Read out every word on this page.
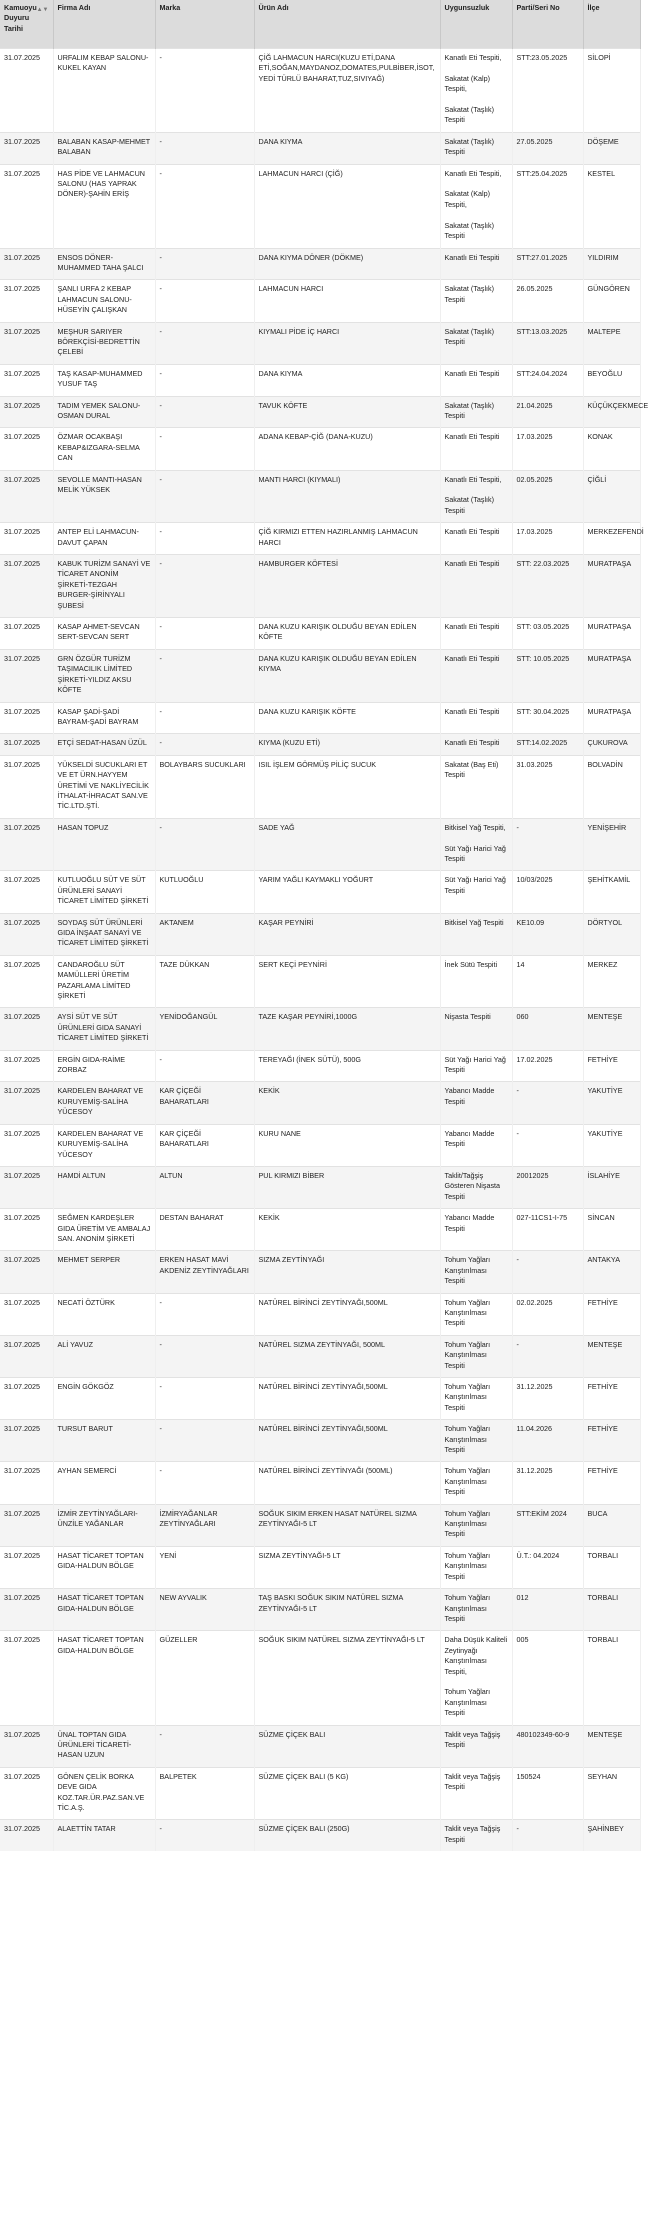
Kamuoyu Duyuru Tarihi
▲▼	Firma Adı	Marka	Ürün Adı	Uygunsuzluk	Parti/Seri No	İlçe
31.07.2025	URFALIM KEBAP SALONU-KUKEL KAYAN	-	ÇİĞ LAHMACUN HARCI(KUZU ETİ,DANA ETİ,SOĞAN,MAYDANOZ,DOMATES,PULBİBER,İSOT,YEDİ TÜRLÜ BAHARAT,TUZ,SIVIYAĞ)	Kanatlı Eti Tespiti,

Sakatat (Kalp) Tespiti,

Sakatat (Taşlık) Tespiti	STT:23.05.2025	SİLOPİ
31.07.2025	BALABAN KASAP-MEHMET BALABAN	-	DANA KIYMA	Sakatat (Taşlık) Tespiti	27.05.2025	DÖŞEME
31.07.2025	HAS PİDE VE LAHMACUN SALONU (HAS YAPRAK DÖNER)-ŞAHİN ERİŞ	-	LAHMACUN HARCI (ÇİĞ)	Kanatlı Eti Tespiti,

Sakatat (Kalp) Tespiti,

Sakatat (Taşlık) Tespiti	STT:25.04.2025	KESTEL
31.07.2025	ENSOS DÖNER-MUHAMMED TAHA ŞALCI	-	DANA KIYMA DÖNER (DÖKME)	Kanatlı Eti Tespiti	STT:27.01.2025	YILDIRIM
31.07.2025	ŞANLI URFA 2 KEBAP LAHMACUN SALONU-HÜSEYİN ÇALIŞKAN	-	LAHMACUN HARCI	Sakatat (Taşlık) Tespiti	26.05.2025	GÜNGÖREN
31.07.2025	MEŞHUR SARIYER BÖREKÇİSİ-BEDRETTİN ÇELEBİ	-	KIYMALI PİDE İÇ HARCI	Sakatat (Taşlık) Tespiti	STT:13.03.2025	MALTEPE
31.07.2025	TAŞ KASAP-MUHAMMED YUSUF TAŞ	-	DANA KIYMA	Kanatlı Eti Tespiti	STT:24.04.2024	BEYOĞLU
31.07.2025	TADIM YEMEK SALONU-OSMAN DURAL	-	TAVUK KÖFTE	Sakatat (Taşlık) Tespiti	21.04.2025	KÜÇÜKÇEKMECE
31.07.2025	ÖZMAR OCAKBAŞI KEBAP&IZGARA-SELMA CAN	-	ADANA KEBAP-ÇİĞ (DANA-KUZU)	Kanatlı Eti Tespiti	17.03.2025	KONAK
31.07.2025	SEVOLLE MANTI-HASAN MELİK YÜKSEK	-	MANTI HARCI (KIYMALI)	Kanatlı Eti Tespiti,

Sakatat (Taşlık) Tespiti	02.05.2025	ÇİĞLİ
31.07.2025	ANTEP ELİ LAHMACUN-DAVUT ÇAPAN	-	ÇİĞ KIRMIZI ETTEN HAZIRLANMIŞ LAHMACUN HARCI	Kanatlı Eti Tespiti	17.03.2025	MERKEZEFENDİ
31.07.2025	KABUK TURİZM SANAYİ VE TİCARET ANONİM ŞİRKETİ-TEZGAH BURGER-ŞİRİNYALI ŞUBESİ	-	HAMBURGER KÖFTESİ	Kanatlı Eti Tespiti	STT: 22.03.2025	MURATPAŞA
31.07.2025	KASAP AHMET-SEVCAN SERT-SEVCAN SERT	-	DANA KUZU KARIŞIK OLDUĞU BEYAN EDİLEN KÖFTE	Kanatlı Eti Tespiti	STT: 03.05.2025	MURATPAŞA
31.07.2025	GRN ÖZGÜR TURİZM TAŞIMACILIK LİMİTED ŞİRKETİ-YILDIZ AKSU KÖFTE	-	DANA KUZU KARIŞIK OLDUĞU BEYAN EDİLEN KIYMA	Kanatlı Eti Tespiti	STT: 10.05.2025	MURATPAŞA
31.07.2025	KASAP ŞADİ-ŞADİ BAYRAM-ŞADİ BAYRAM	-	DANA KUZU KARIŞIK KÖFTE	Kanatlı Eti Tespiti	STT: 30.04.2025	MURATPAŞA
31.07.2025	ETÇİ SEDAT-HASAN ÜZÜL	-	KIYMA (KUZU ETİ)	Kanatlı Eti Tespiti	STT:14.02.2025	ÇUKUROVA
31.07.2025	YÜKSELDİ SUCUKLARI ET VE ET ÜRN.HAYYEM ÜRETİMİ VE NAKLİYECİLİK İTHALAT-İHRACAT SAN.VE TİC.LTD.ŞTİ.	BOLAYBARS SUCUKLARI	ISIL İŞLEM GÖRMÜŞ PİLİÇ SUCUK	Sakatat (Baş Eti) Tespiti	31.03.2025	BOLVADİN
31.07.2025	HASAN TOPUZ	-	SADE YAĞ	Bitkisel Yağ Tespiti,

Süt Yağı Harici Yağ Tespiti	-	YENİŞEHİR
31.07.2025	KUTLUOĞLU SÜT VE SÜT ÜRÜNLERİ SANAYİ TİCARET LİMİTED ŞİRKETİ	KUTLUOĞLU	YARIM YAĞLI KAYMAKLI YOĞURT	Süt Yağı Harici Yağ Tespiti	10/03/2025	ŞEHİTKAMİL
31.07.2025	SOYDAŞ SÜT ÜRÜNLERİ GIDA İNŞAAT SANAYİ VE TİCARET LİMİTED ŞİRKETİ	AKTANEM	KAŞAR PEYNİRİ	Bitkisel Yağ Tespiti	KE10.09	DÖRTYOL
31.07.2025	CANDAROĞLU SÜT MAMÜLLERİ ÜRETİM PAZARLAMA LİMİTED ŞİRKETİ	TAZE DÜKKAN	SERT KEÇİ PEYNİRİ	İnek Sütü Tespiti	14	MERKEZ
31.07.2025	AYSİ SÜT VE SÜT ÜRÜNLERİ GIDA SANAYİ TİCARET LİMİTED ŞİRKETİ	YENİDOĞANGÜL	TAZE KAŞAR PEYNİRİ,1000G	Nişasta Tespiti	060	MENTEŞE
31.07.2025	ERGİN GIDA-RAİME ZORBAZ	-	TEREYAĞI (İNEK SÜTÜ), 500G	Süt Yağı Harici Yağ Tespiti	17.02.2025	FETHİYE
31.07.2025	KARDELEN BAHARAT VE KURUYEMİŞ-SALİHA YÜCESOY	KAR ÇİÇEĞİ BAHARATLARI	KEKİK	Yabancı Madde Tespiti	-	YAKUTİYE
31.07.2025	KARDELEN BAHARAT VE KURUYEMİŞ-SALİHA YÜCESOY	KAR ÇİÇEĞİ BAHARATLARI	KURU NANE	Yabancı Madde Tespiti	-	YAKUTİYE
31.07.2025	HAMDİ ALTUN	ALTUN	PUL KIRMIZI BİBER	Taklit/Tağşiş Gösteren Nişasta Tespiti	20012025	İSLAHİYE
31.07.2025	SEĞMEN KARDEŞLER GIDA ÜRETİM VE AMBALAJ SAN. ANONİM ŞİRKETİ	DESTAN BAHARAT	KEKİK	Yabancı Madde Tespiti	027-11CS1-I-75	SİNCAN
31.07.2025	MEHMET SERPER	ERKEN HASAT MAVİ AKDENİZ ZEYTİNYAĞLARI	SIZMA ZEYTİNYAĞI	Tohum Yağları Karıştırılması Tespiti	-	ANTAKYA
31.07.2025	NECATİ ÖZTÜRK	-	NATÜREL BİRİNCİ ZEYTİNYAĞI,500ML	Tohum Yağları Karıştırılması Tespiti	02.02.2025	FETHİYE
31.07.2025	ALİ YAVUZ	-	NATÜREL SIZMA ZEYTİNYAĞI, 500ML	Tohum Yağları Karıştırılması Tespiti	-	MENTEŞE
31.07.2025	ENGİN GÖKGÖZ	-	NATÜREL BİRİNCİ ZEYTİNYAĞI,500ML	Tohum Yağları Karıştırılması Tespiti	31.12.2025	FETHİYE
31.07.2025	TURSUT BARUT	-	NATÜREL BİRİNCİ ZEYTİNYAĞI,500ML	Tohum Yağları Karıştırılması Tespiti	11.04.2026	FETHİYE
31.07.2025	AYHAN SEMERCİ	-	NATÜREL BİRİNCİ ZEYTİNYAĞI (500ML)	Tohum Yağları Karıştırılması Tespiti	31.12.2025	FETHİYE
31.07.2025	İZMİR ZEYTİNYAĞLARI-ÜNZİLE YAĞANLAR	İZMİRYAĞANLAR ZEYTİNYAĞLARI	SOĞUK SIKIM ERKEN HASAT NATÜREL SIZMA ZEYTİNYAĞI-5 LT	Tohum Yağları Karıştırılması Tespiti	STT:EKİM 2024	BUCA
31.07.2025	HASAT TİCARET TOPTAN GIDA-HALDUN BÖLGE	YENİ	SIZMA ZEYTİNYAĞI-5 LT	Tohum Yağları Karıştırılması Tespiti	Ü.T.: 04.2024	TORBALI
31.07.2025	HASAT TİCARET TOPTAN GIDA-HALDUN BÖLGE	NEW AYVALIK	TAŞ BASKI SOĞUK SIKIM NATÜREL SIZMA ZEYTİNYAĞI-5 LT	Tohum Yağları Karıştırılması Tespiti	012	TORBALI
31.07.2025	HASAT TİCARET TOPTAN GIDA-HALDUN BÖLGE	GÜZELLER	SOĞUK SIKIM NATÜREL SIZMA ZEYTİNYAĞI-5 LT	Daha Düşük Kaliteli Zeytinyağı Karıştırılması Tespiti,

Tohum Yağları Karıştırılması Tespiti	005	TORBALI
31.07.2025	ÜNAL TOPTAN GIDA ÜRÜNLERİ TİCARETİ-HASAN UZUN	-	SÜZME ÇİÇEK BALI	Taklit veya Tağşiş Tespiti	480102349-60-9	MENTEŞE
31.07.2025	GÖNEN ÇELİK BORKA DEVE GIDA KOZ.TAR.ÜR.PAZ.SAN.VE TİC.A.Ş.	BALPETEK	SÜZME ÇİÇEK BALI (5 KG)	Taklit veya Tağşiş Tespiti	150524	SEYHAN
31.07.2025	ALAETTİN TATAR	-	SÜZME ÇİÇEK BALI (250G)	Taklit veya Tağşiş Tespiti	-	ŞAHİNBEY
